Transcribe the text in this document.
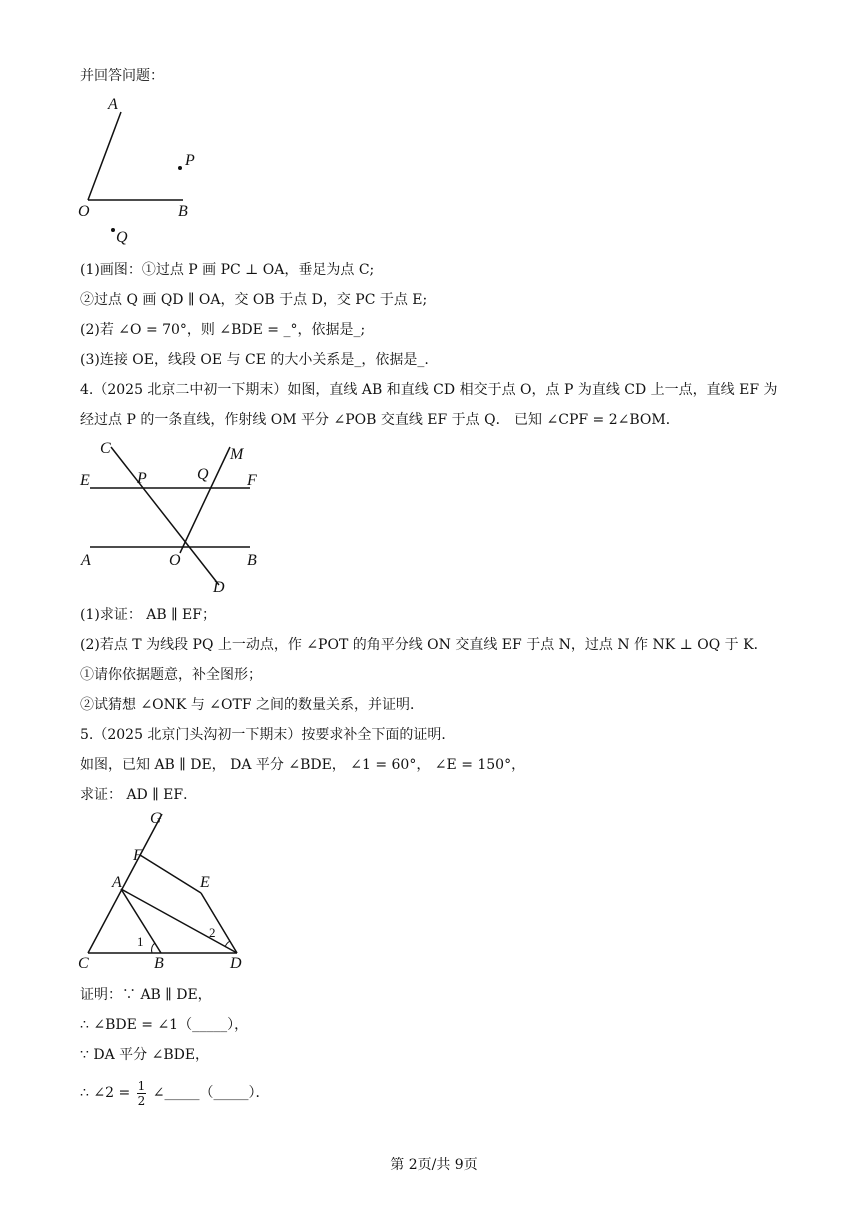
并回答问题：
A
O	B
P
Q
(1)画图：①过点 P 画 PC ⊥ OA，垂足为点 C;
②过点 Q 画 QD ∥ OA，交 OB 于点 D，交 PC 于点 E;
(2)若 ∠O = 70°，则 ∠BDE = _°，依据是_;
(3)连接 OE，线段 OE 与 CE 的大小关系是_，依据是_.
4.（2025 北京二中初一下期末）如图，直线 AB 和直线 CD 相交于点 O，点 P 为直线 CD 上一点，直线 EF 为
经过点 P 的一条直线，作射线 OM 平分 ∠POB 交直线 EF 于点 Q． 已知 ∠CPF = 2∠BOM．
C	M
E	P	Q F
A	O	B
D
(1)求证： AB ∥ EF；
(2)若点 T 为线段 PQ 上一动点，作 ∠POT 的角平分线 ON 交直线 EF 于点 N，过点 N 作 NK ⊥ OQ 于 K．
①请你依据题意，补全图形；
②试猜想 ∠ONK 与 ∠OTF 之间的数量关系，并证明．
5.（2025 北京门头沟初一下期末）按要求补全下面的证明．
如图，已知 AB ∥ DE， DA 平分 ∠BDE， ∠1 = 60°， ∠E = 150°，
求证： AD ∥ EF．
G
F
A	E
C	B	D
1
2
证明：∵ AB ∥ DE，
∴ ∠BDE = ∠1（_____），
∵ DA 平分 ∠BDE，
∴ ∠2 = $\frac{1}{2}$ ∠_____（_____）．
第 2页/共 9页
